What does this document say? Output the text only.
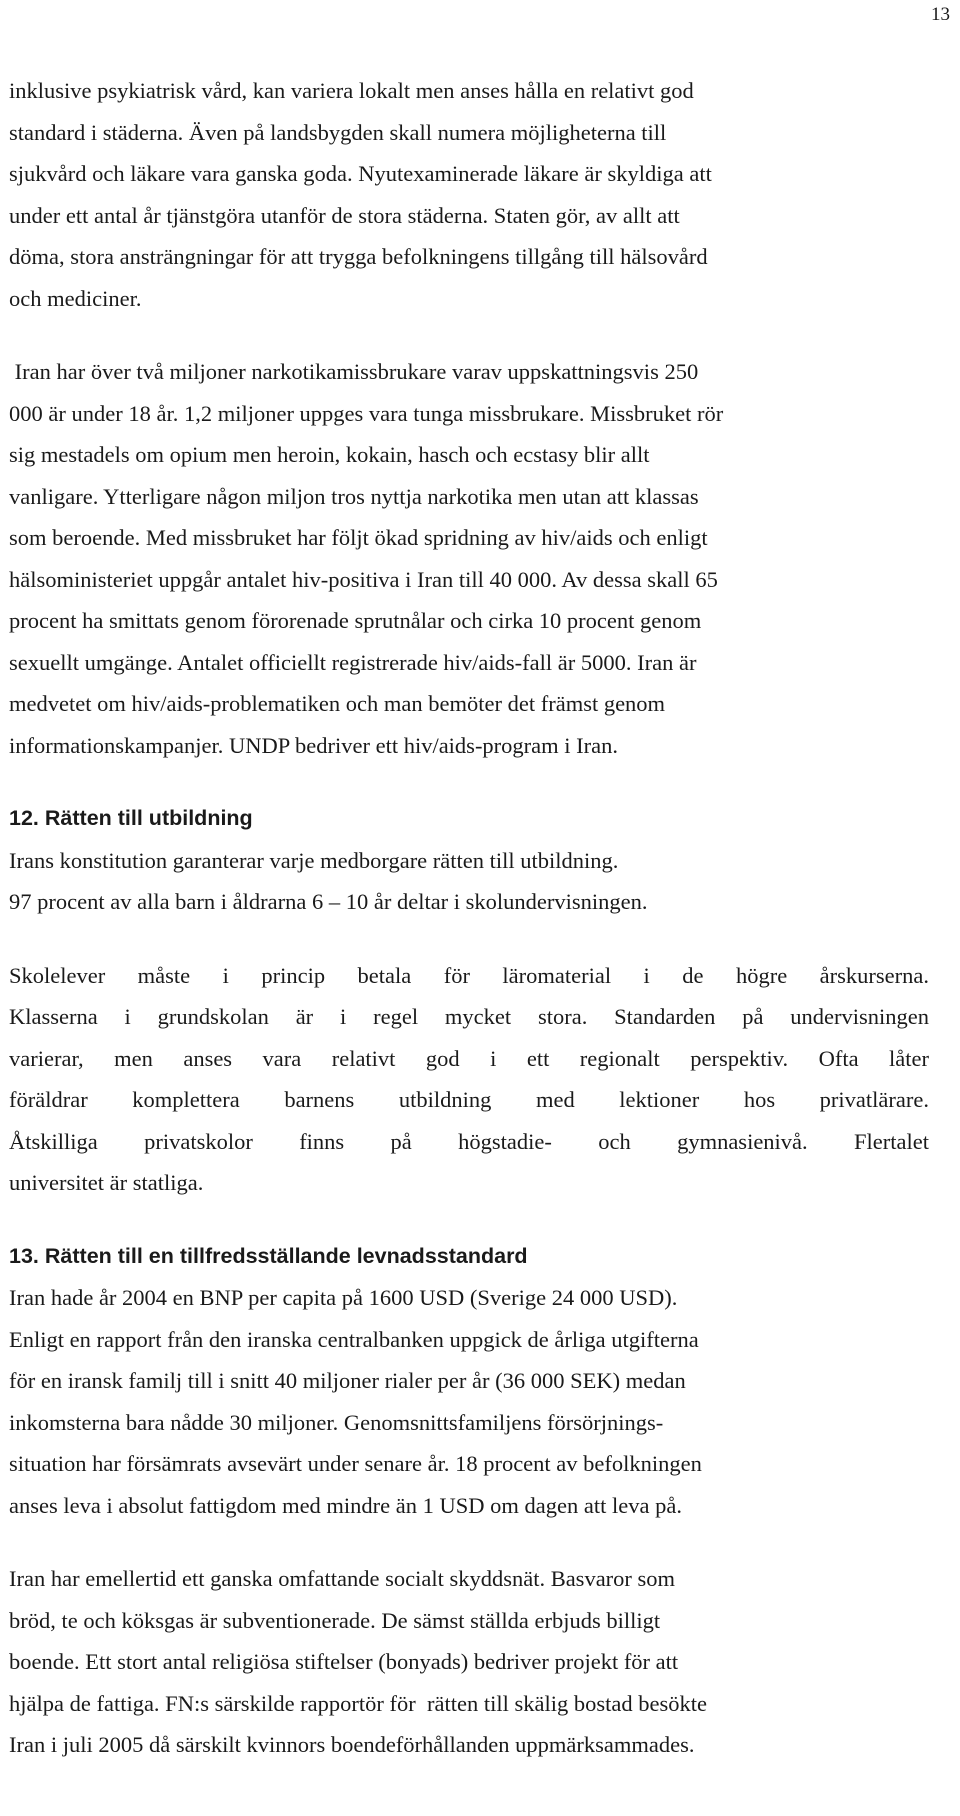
13

inklusive psykiatrisk vård, kan variera lokalt men anses hålla en relativt god
standard i städerna. Även på landsbygden skall numera möjligheterna till
sjukvård och läkare vara ganska goda. Nyutexaminerade läkare är skyldiga att
under ett antal år tjänstgöra utanför de stora städerna. Staten gör, av allt att
döma, stora ansträngningar för att trygga befolkningens tillgång till hälsovård
och mediciner.

Iran har över två miljoner narkotikamissbrukare varav uppskattningsvis 250
000 är under 18 år. 1,2 miljoner uppges vara tunga missbrukare. Missbruket rör
sig mestadels om opium men heroin, kokain, hasch och ecstasy blir allt
vanligare. Ytterligare någon miljon tros nyttja narkotika men utan att klassas
som beroende. Med missbruket har följt ökad spridning av hiv/aids och enligt
hälsoministeriet uppgår antalet hiv-positiva i Iran till 40 000. Av dessa skall 65
procent ha smittats genom förorenade sprutnålar och cirka 10 procent genom
sexuellt umgänge. Antalet officiellt registrerade hiv/aids-fall är 5000. Iran är
medvetet om hiv/aids-problematiken och man bemöter det främst genom
informationskampanjer. UNDP bedriver ett hiv/aids-program i Iran.

12. Rätten till utbildning

Irans konstitution garanterar varje medborgare rätten till utbildning.
97 procent av alla barn i åldrarna 6 – 10 år deltar i skolundervisningen.

Skolelever måste i princip betala för läromaterial i de högre årskurserna.
Klasserna i grundskolan är i regel mycket stora. Standarden på undervisningen
varierar, men anses vara relativt god i ett regionalt perspektiv. Ofta låter
föräldrar komplettera barnens utbildning med lektioner hos privatlärare.
Åtskilliga privatskolor finns på högstadie- och gymnasienivå. Flertalet
universitet är statliga.

13. Rätten till en tillfredsställande levnadsstandard

Iran hade år 2004 en BNP per capita på 1600 USD (Sverige 24 000 USD).
Enligt en rapport från den iranska centralbanken uppgick de årliga utgifterna
för en iransk familj till i snitt 40 miljoner rialer per år (36 000 SEK) medan
inkomsterna bara nådde 30 miljoner. Genomsnittsfamiljens försörjnings-
situation har försämrats avsevärt under senare år. 18 procent av befolkningen
anses leva i absolut fattigdom med mindre än 1 USD om dagen att leva på.

Iran har emellertid ett ganska omfattande socialt skyddsnät. Basvaror som
bröd, te och köksgas är subventionerade. De sämst ställda erbjuds billigt
boende. Ett stort antal religiösa stiftelser (bonyads) bedriver projekt för att
hjälpa de fattiga. FN:s särskilde rapportör för  rätten till skälig bostad besökte
Iran i juli 2005 då särskilt kvinnors boendeförhållanden uppmärksammades.
